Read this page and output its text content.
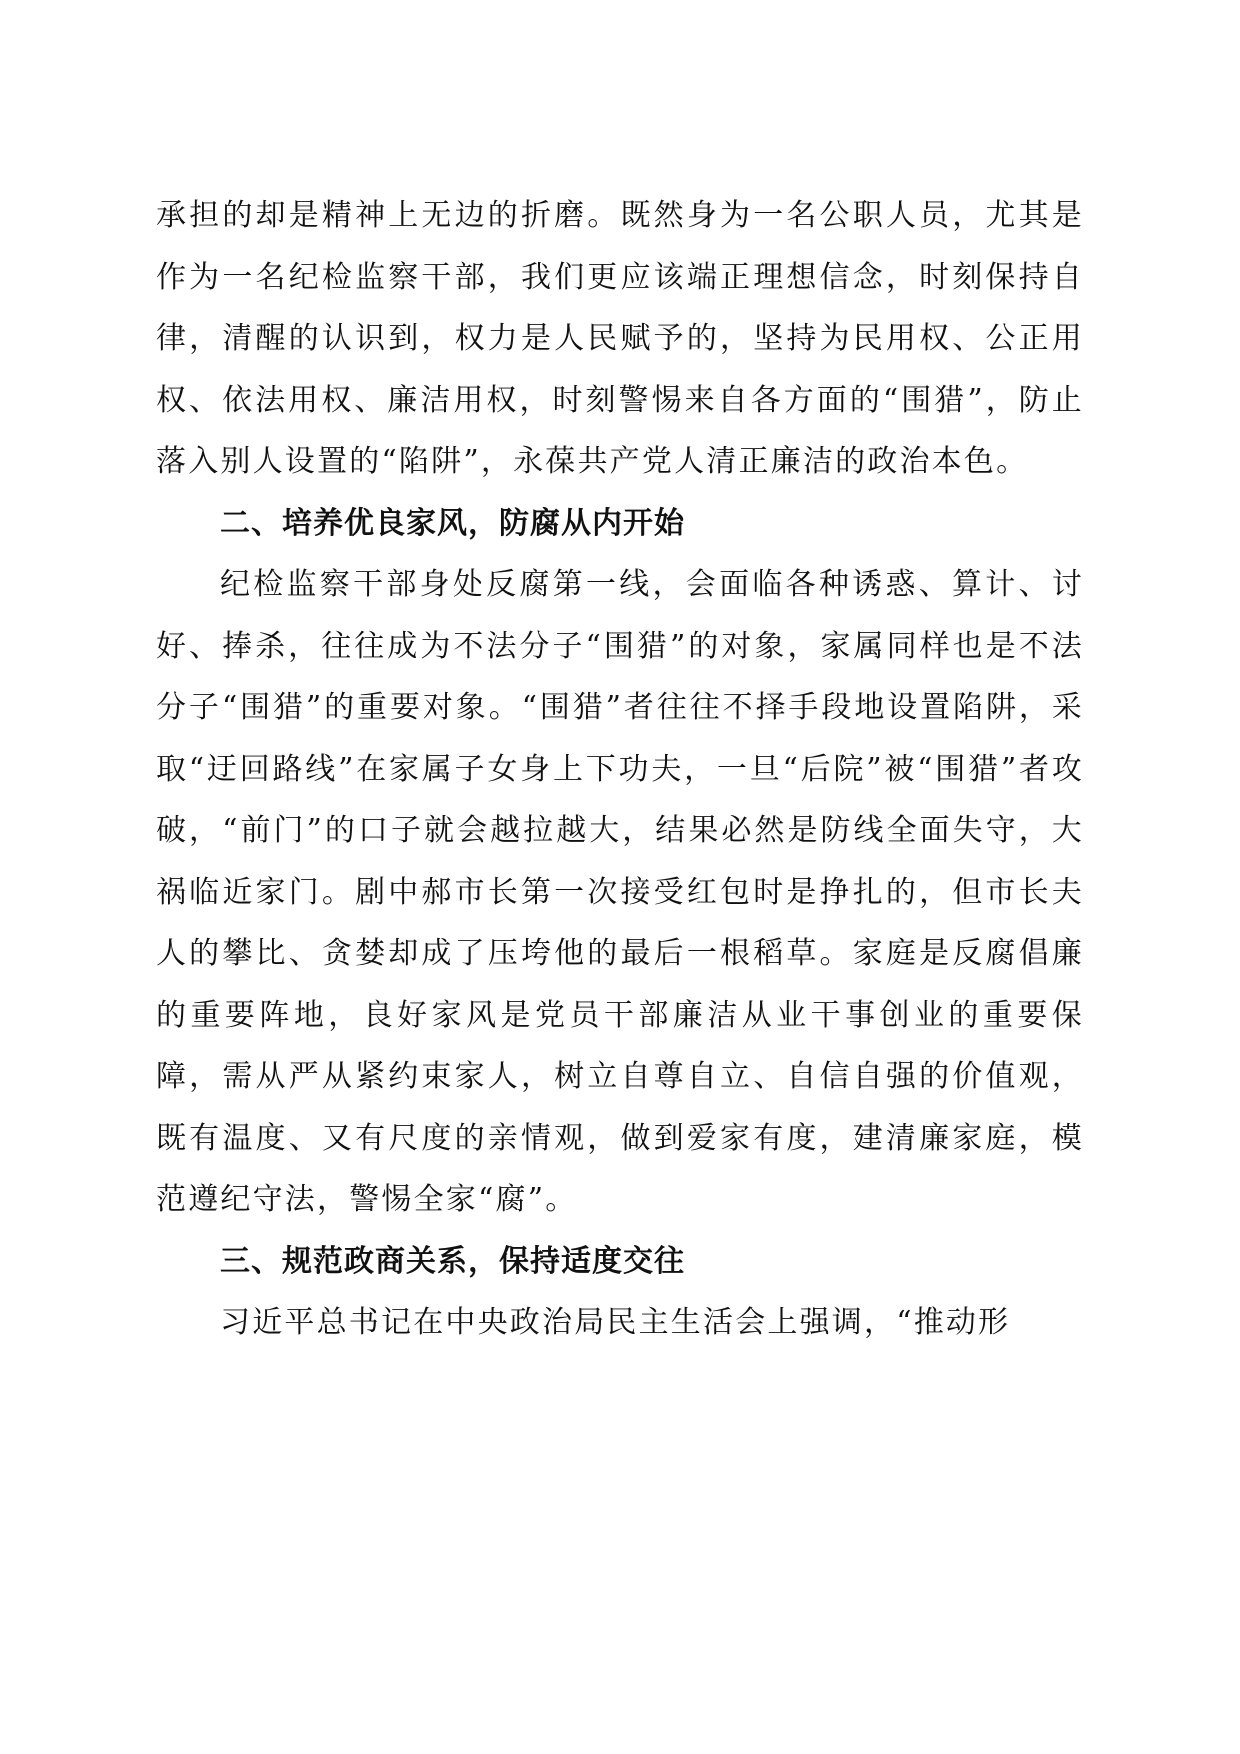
承担的却是精神上无边的折磨。既然身为一名公职人员，尤其是作为一名纪检监察干部，我们更应该端正理想信念，时刻保持自律，清醒的认识到，权力是人民赋予的，坚持为民用权、公正用权、依法用权、廉洁用权，时刻警惕来自各方面的“围猎”，防止落入别人设置的“陷阱”，永葆共产党人清正廉洁的政治本色。

二、培养优良家风，防腐从内开始

纪检监察干部身处反腐第一线，会面临各种诱惑、算计、讨好、捧杀，往往成为不法分子“围猎”的对象，家属同样也是不法分子“围猎”的重要对象。“围猎”者往往不择手段地设置陷阱，采取“迂回路线”在家属子女身上下功夫，一旦“后院”被“围猎”者攻破，“前门”的口子就会越拉越大，结果必然是防线全面失守，大祸临近家门。剧中郝市长第一次接受红包时是挣扎的，但市长夫人的攀比、贪婪却成了压垮他的最后一根稻草。家庭是反腐倡廉的重要阵地，良好家风是党员干部廉洁从业干事创业的重要保障，需从严从紧约束家人，树立自尊自立、自信自强的价值观，既有温度、又有尺度的亲情观，做到爱家有度，建清廉家庭，模范遵纪守法，警惕全家“腐”。

三、规范政商关系，保持适度交往

习近平总书记在中央政治局民主生活会上强调，“推动形
